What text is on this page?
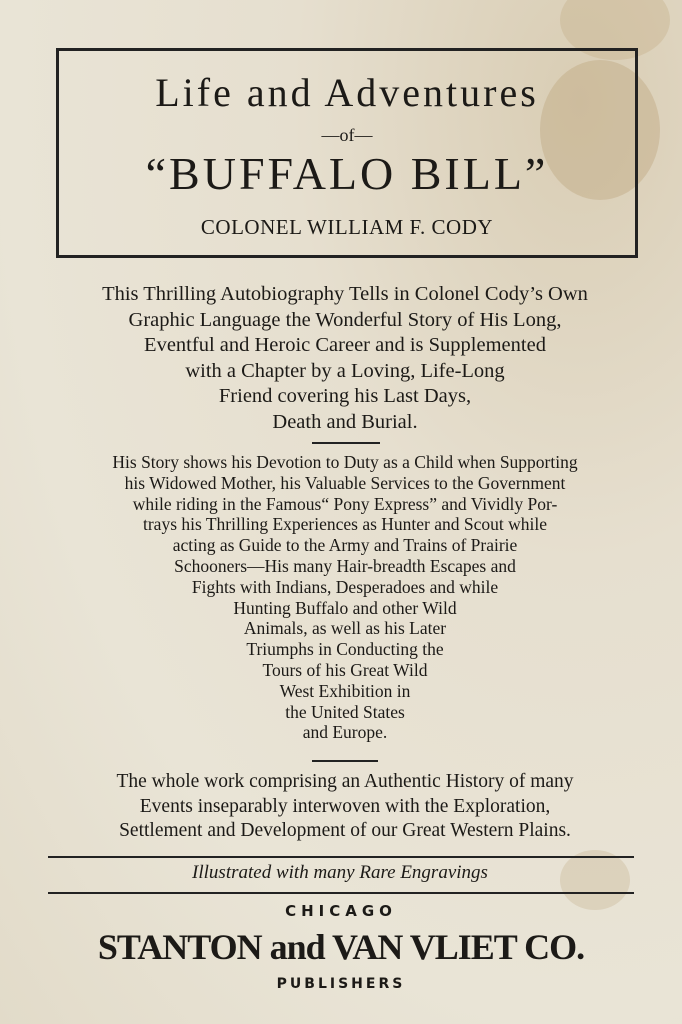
Life and Adventures
—of—
“BUFFALO BILL”
COLONEL WILLIAM F. CODY
This Thrilling Autobiography Tells in Colonel Cody’s Own
Graphic Language the Wonderful Story of His Long,
Eventful and Heroic Career and is Supplemented
with a Chapter by a Loving, Life-Long
Friend covering his Last Days,
Death and Burial.
His Story shows his Devotion to Duty as a Child when Supporting
his Widowed Mother, his Valuable Services to the Government
while riding in the Famous“ Pony Express” and Vividly Por-
trays his Thrilling Experiences as Hunter and Scout while
acting as Guide to the Army and Trains of Prairie
Schooners—His many Hair-breadth Escapes and
Fights with Indians, Desperadoes and while
Hunting Buffalo and other Wild
Animals, as well as his Later
Triumphs in Conducting the
Tours of his Great Wild
West Exhibition in
the United States
and Europe.
The whole work comprising an Authentic History of many
Events inseparably interwoven with the Exploration,
Settlement and Development of our Great Western Plains.
Illustrated with many Rare Engravings
CHICAGO
STANTON and VAN VLIET CO.
PUBLISHERS
